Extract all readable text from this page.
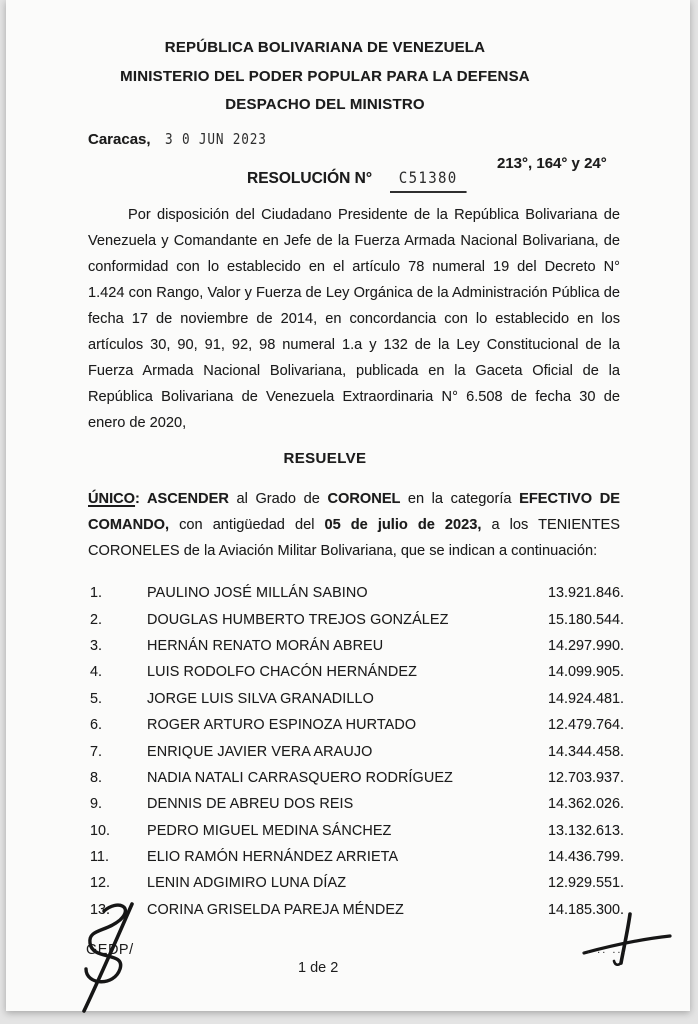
REPÚBLICA BOLIVARIANA DE VENEZUELA
MINISTERIO DEL PODER POPULAR PARA LA DEFENSA
DESPACHO DEL MINISTRO
Caracas, 3 0 JUN 2023
213°, 164° y 24°
RESOLUCIÓN N° C51380
Por disposición del Ciudadano Presidente de la República Bolivariana de
Venezuela y Comandante en Jefe de la Fuerza Armada Nacional Bolivariana, de
conformidad con lo establecido en el artículo 78 numeral 19 del Decreto N°
1.424 con Rango, Valor y Fuerza de Ley Orgánica de la Administración Pública de
fecha 17 de noviembre de 2014, en concordancia con lo establecido en los
artículos 30, 90, 91, 92, 98 numeral 1.a y 132 de la Ley Constitucional de la
Fuerza Armada Nacional Bolivariana, publicada en la Gaceta Oficial de la
República Bolivariana de Venezuela Extraordinaria N° 6.508 de fecha 30 de
enero de 2020,
RESUELVE
ÚNICO: ASCENDER al Grado de CORONEL en la categoría EFECTIVO DE
COMANDO, con antigüedad del 05 de julio de 2023, a los TENIENTES
CORONELES de la Aviación Militar Bolivariana, que se indican a continuación:
1.	PAULINO JOSÉ MILLÁN SABINO	13.921.846.
2.	DOUGLAS HUMBERTO TREJOS GONZÁLEZ	15.180.544.
3.	HERNÁN RENATO MORÁN ABREU	14.297.990.
4.	LUIS RODOLFO CHACÓN HERNÁNDEZ	14.099.905.
5.	JORGE LUIS SILVA GRANADILLO	14.924.481.
6.	ROGER ARTURO ESPINOZA HURTADO	12.479.764.
7.	ENRIQUE JAVIER VERA ARAUJO	14.344.458.
8.	NADIA NATALI CARRASQUERO RODRÍGUEZ	12.703.937.
9.	DENNIS DE ABREU DOS REIS	14.362.026.
10.	PEDRO MIGUEL MEDINA SÁNCHEZ	13.132.613.
11.	ELIO RAMÓN HERNÁNDEZ ARRIETA	14.436.799.
12.	LENIN ADGIMIRO LUNA DÍAZ	12.929.551.
13.	CORINA GRISELDA PAREJA MÉNDEZ	14.185.300.
GEDP/
1 de 2
.. .. ...
